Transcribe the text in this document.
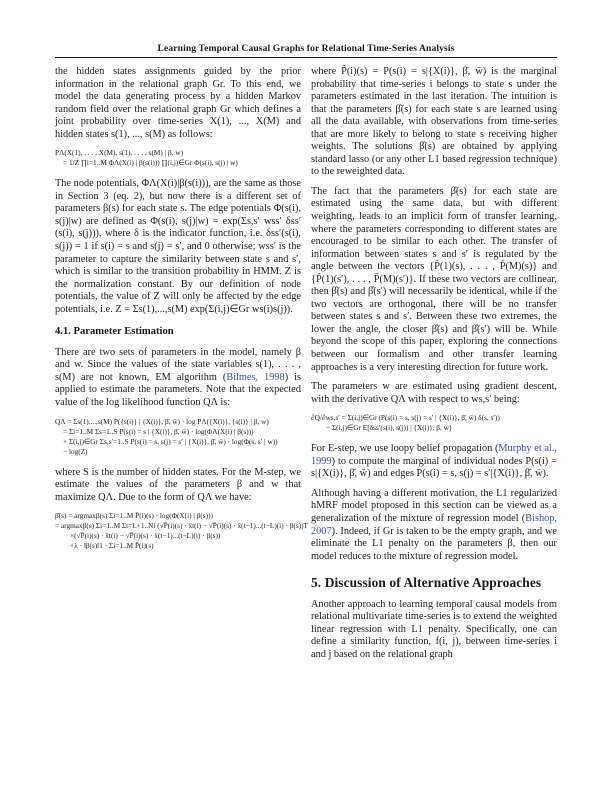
Learning Temporal Causal Graphs for Relational Time-Series Analysis

the hidden states assignments guided by the prior information in the relational graph Gr. To this end, we model the data generating process by a hidden Markov random field over the relational graph Gr which defines a joint probability over time-series X(1), ..., X(M) and hidden states s(1), ..., s(M) as follows:

PΛ(X(1), . . . , X(M), s(1), . . . , s(M) | β, w)
= 1/Z ∏i=1..M ΦΛ(X(i) | β(s(i))) ∏(i,j)∈Gr Φ(s(i), s(j) | w)

The node potentials, ΦΛ(X(i)|β(s(i))), are the same as those in Section 3 (eq. 2), but now there is a different set of parameters β(s) for each state s. The edge potentials Φ(s(i), s(j)|w) are defined as Φ(s(i), s(j)|w) = exp(Σs,s′ wss′ δss′(s(i), s(j))), where δ is the indicator function, i.e. δss′(s(i), s(j)) = 1 if s(i) = s and s(j) = s′, and 0 otherwise; wss′ is the parameter to capture the similarity between state s and s′, which is similar to the transition probability in HMM. Z is the normalization constant. By our definition of node potentials, the value of Z will only be affected by the edge potentials, i.e. Z = Σs(1),...,s(M) exp(Σ(i,j)∈Gr ws(i)s(j)).

4.1. Parameter Estimation

There are two sets of parameters in the model, namely β and w. Since the values of the state variables s(1), . . . , s(M) are not known, EM algorithm (Bilmes, 1998) is applied to estimate the parameters. Note that the expected value of the log likelihood function QΛ is:

QΛ = Σs(1),...,s(M) P({s(i)} | {X(i)}, β̄, w̄) · log PΛ({X(i)}, {s(i)} | β, w)
= Σi=1..M Σs=1..S P(s(i) = s | {X(i)}, β̄, w̄) · log(ΦΛ(X(i) | β(s)))
+ Σ(i,j)∈Gr Σs,s′=1..S P(s(i) = s, s(j) = s′ | {X(i)}, β̄, w̄) · log(Φ(s, s′ | w))
− log(Z)

where S is the number of hidden states. For the M-step, we estimate the values of the parameters β and w that maximize QΛ. Due to the form of QΛ we have:

β̂(s) = argmaxβ(s) Σi=1..M P̄(i)(s) · log(Φ(X(i) | β(s)))
= argmaxβ(s) Σi=1..M Σt=L+1..Ni (√P̄(i)(s) · x̄t(i) − √P̄(i)(s) · x̄(t−1)...(t−L)(i) · β(s))T
×(√P̄(i)(s) · x̄t(i) − √P̄(i)(s) · x̄(t−1)...(t−L)(i) · β(s))
+λ · ‖β(s)‖1 · Σi=1..M P̄(i)(s)

where P̃(i)(s) = P(s(i) = s|{X(i)}, β̄, w̄) is the marginal probability that time-series i belongs to state s under the parameters estimated in the last iteration. The intuition is that the parameters β̂(s) for each state s are learned using all the data available, with observations from time-series that are more likely to belong to state s receiving higher weights. The solutions β̂(s) are obtained by applying standard lasso (or any other L1 based regression technique) to the reweighted data.

The fact that the parameters β̂(s) for each state are estimated using the same data, but with different weighting, leads to an implicit form of transfer learning, where the parameters corresponding to different states are encouraged to be similar to each other. The transfer of information between states s and s′ is regulated by the angle between the vectors {P̃(1)(s), . . . , P̃(M)(s)} and {P̃(1)(s′), . . . , P̃(M)(s′)}. If these two vectors are collinear, then β̂(s) and β̂(s′) will necessarily be identical, while if the two vectors are orthogonal, there will be no transfer between states s and s′. Between these two extremes, the lower the angle, the closer β̂(s) and β̂(s′) will be. While beyond the scope of this paper, exploring the connections between our formalism and other transfer learning approaches is a very interesting direction for future work.

The parameters w are estimated using gradient descent, with the derivative QΛ with respect to ws,s′ being:

∂Q/∂ws,s′ = Σ(i,j)∈Gr (P(s(i) = s, s(j) = s′ | {X(i)}, β̄, w̄) δ(s, s′))
− Σ(i,j)∈Gr E[δss′(s(i), s(j)) | {X(i)}, β, w]

For E-step, we use loopy belief propagation (Murphy et al., 1999) to compute the marginal of individual nodes P(s(i) = s|{X(i)}, β̄, w̄) and edges P(s(i) = s, s(j) = s′|{X(i)}, β̄, w̄).

Although having a different motivation, the L1 regularized hMRF model proposed in this section can be viewed as a generalization of the mixture of regression model (Bishop, 2007). Indeed, if Gr is taken to be the empty graph, and we eliminate the L1 penalty on the parameters β, then our model reduces to the mixture of regression model.

5. Discussion of Alternative Approaches

Another approach to learning temporal causal models from relational multivariate time-series is to extend the weighted linear regression with L1 penalty. Specifically, one can define a similarity function, f(i, j), between time-series i and j based on the relational graph
